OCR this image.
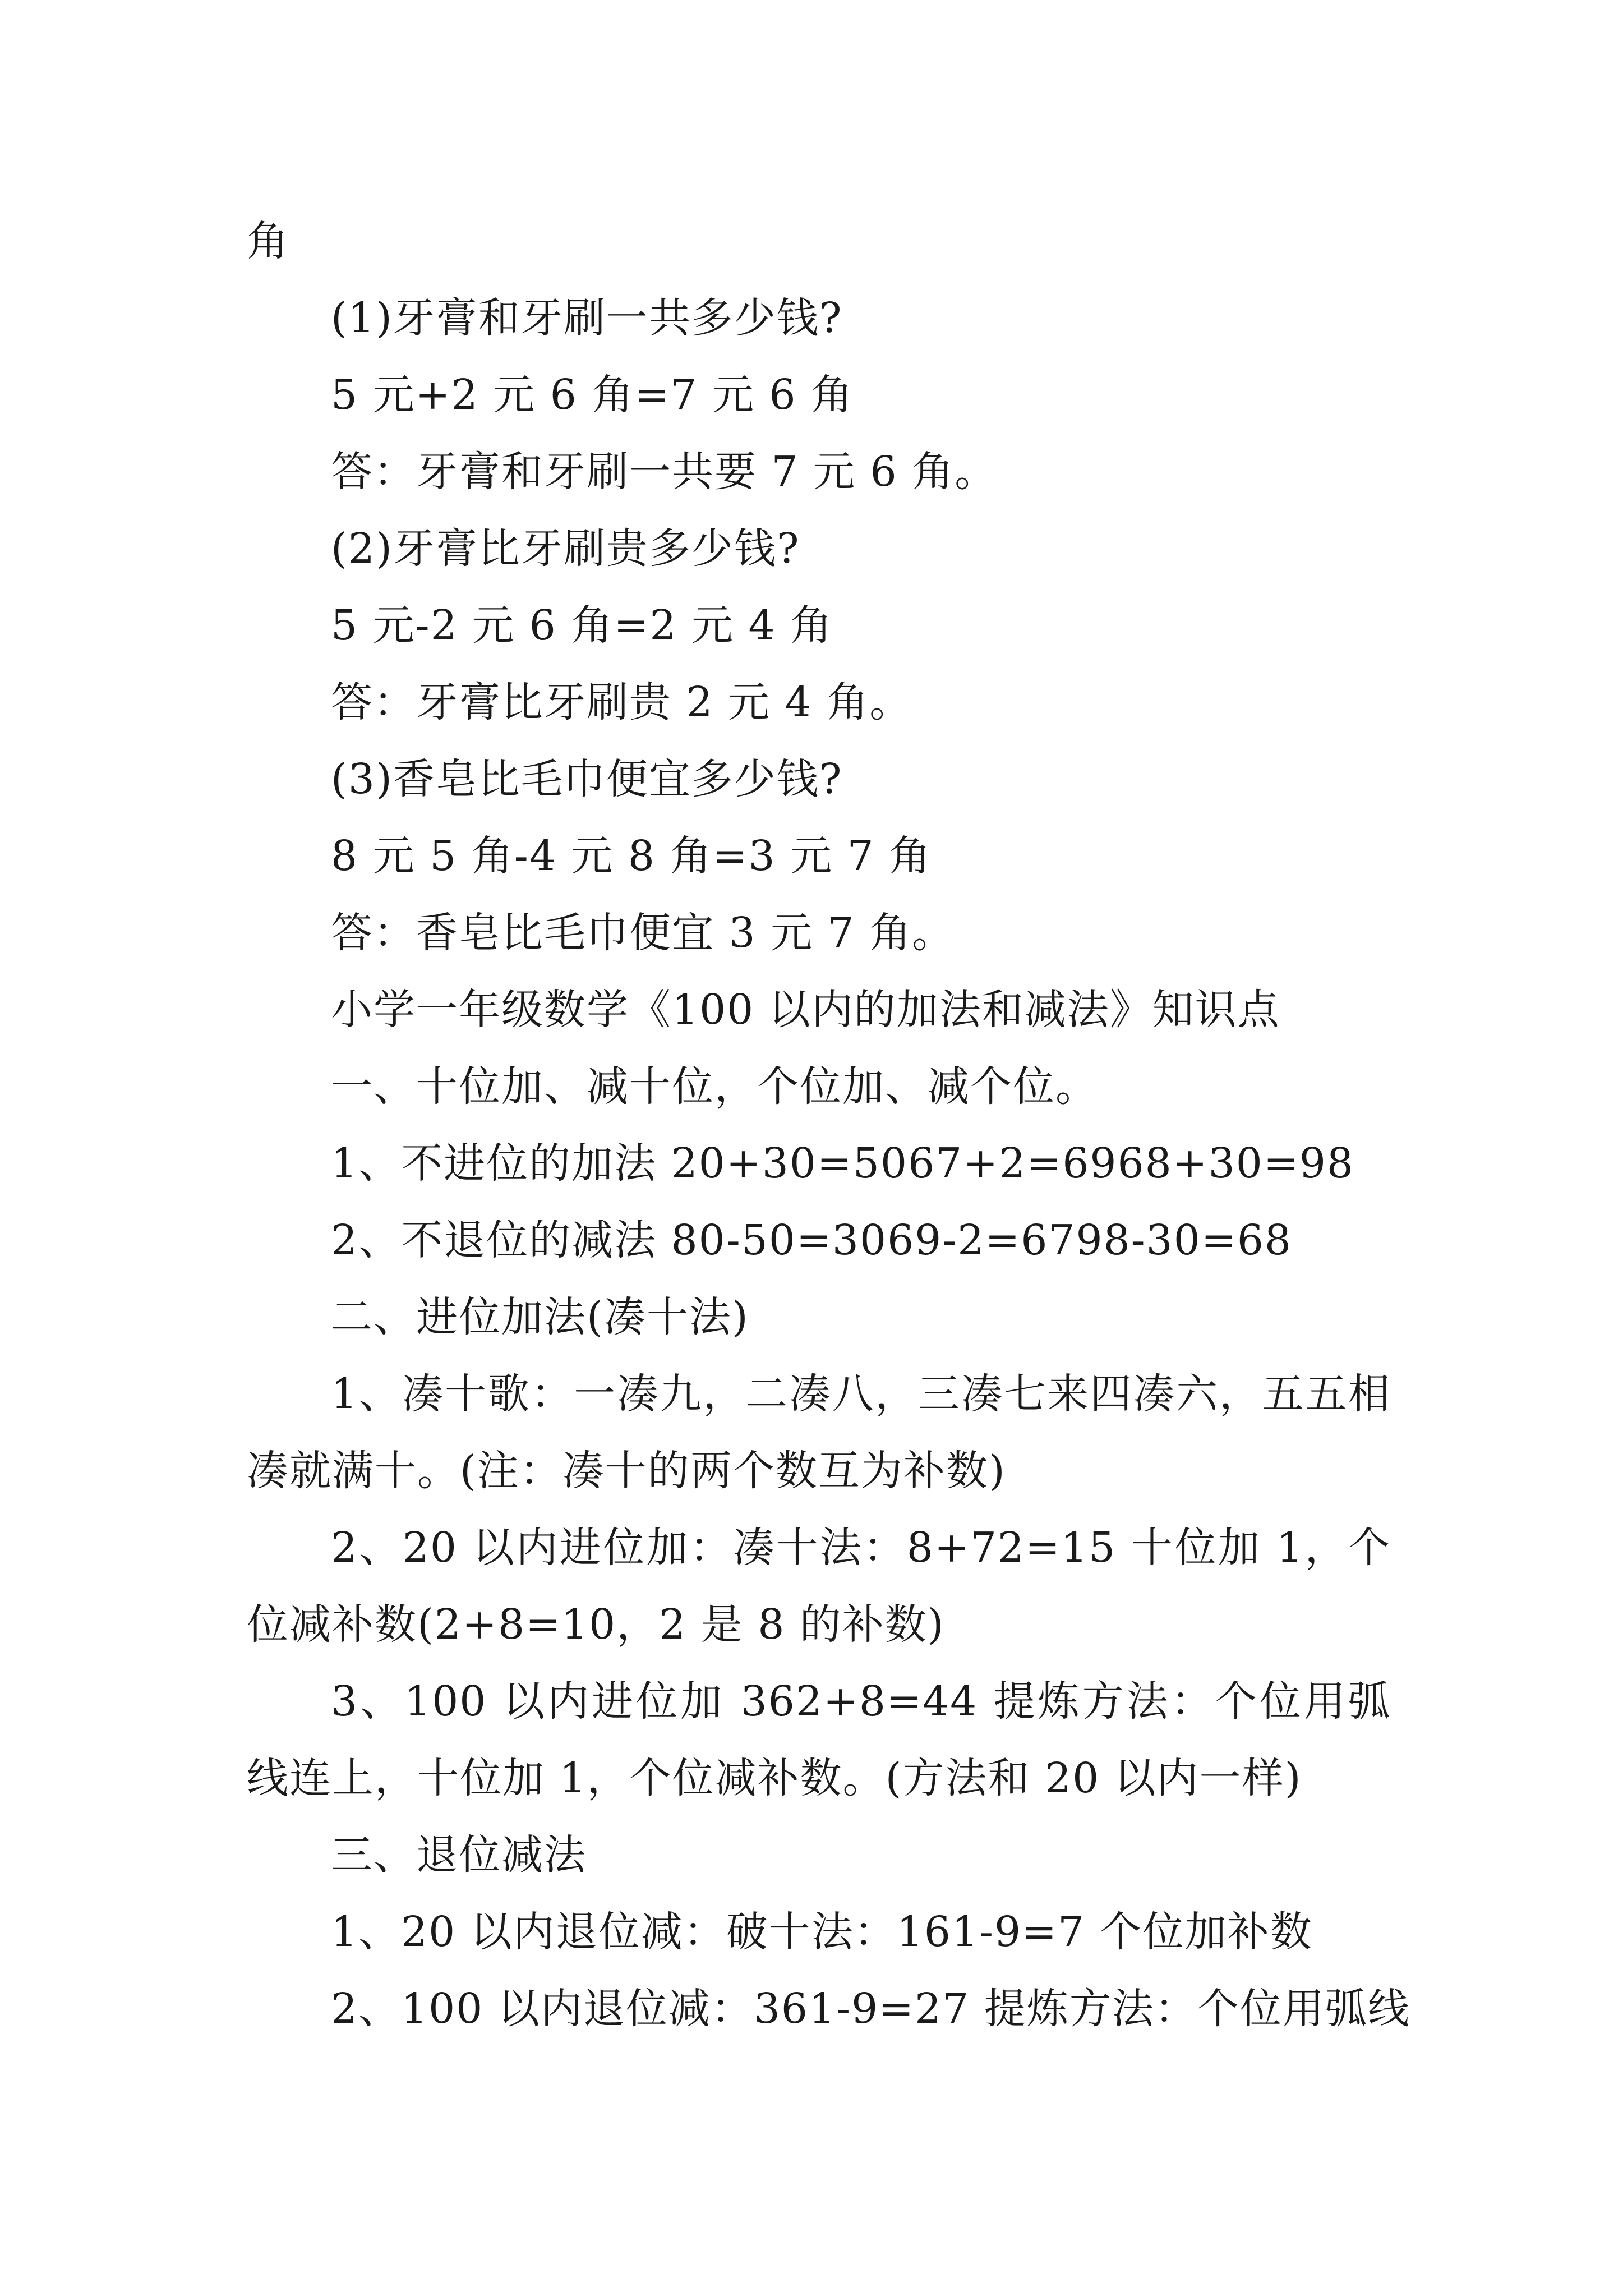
角
(1)牙膏和牙刷一共多少钱?
5 元+2 元 6 角=7 元 6 角
答：牙膏和牙刷一共要 7 元 6 角。
(2)牙膏比牙刷贵多少钱?
5 元-2 元 6 角=2 元 4 角
答：牙膏比牙刷贵 2 元 4 角。
(3)香皂比毛巾便宜多少钱?
8 元 5 角-4 元 8 角=3 元 7 角
答：香皂比毛巾便宜 3 元 7 角。
小学一年级数学《100 以内的加法和减法》知识点
一、十位加、减十位，个位加、减个位。
1、不进位的加法 20+30=5067+2=6968+30=98
2、不退位的减法 80-50=3069-2=6798-30=68
二、进位加法(凑十法)
1、凑十歌：一凑九，二凑八，三凑七来四凑六，五五相凑就满十。(注：凑十的两个数互为补数)
2、20 以内进位加：凑十法：8+72=15 十位加 1，个位减补数(2+8=10，2 是 8 的补数)
3、100 以内进位加 362+8=44 提炼方法：个位用弧线连上，十位加 1，个位减补数。(方法和 20 以内一样)
三、退位减法
1、20 以内退位减：破十法：161-9=7 个位加补数
2、100 以内退位减：361-9=27 提炼方法：个位用弧线
